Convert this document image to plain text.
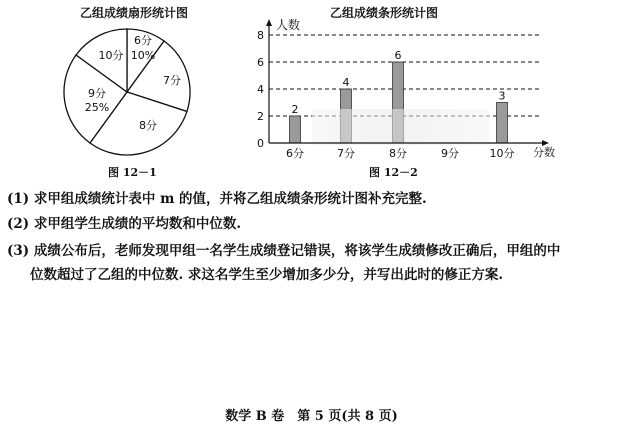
乙组成绩扇形统计图
6分
10%
10分
7分
8分
9分
25%
图 12－1
乙组成绩条形统计图
0
2
4
6
8
2
4
6
3
6分	7分	8分	9分	10分
人数
分数
图 12－2
(1) 求甲组成绩统计表中 m 的值，并将乙组成绩条形统计图补充完整.
(2) 求甲组学生成绩的平均数和中位数.
(3) 成绩公布后，老师发现甲组一名学生成绩登记错误，将该学生成绩修改正确后，甲组的中
位数超过了乙组的中位数. 求这名学生至少增加多少分，并写出此时的修正方案.
数学 B 卷　第 5 页(共 8 页)
